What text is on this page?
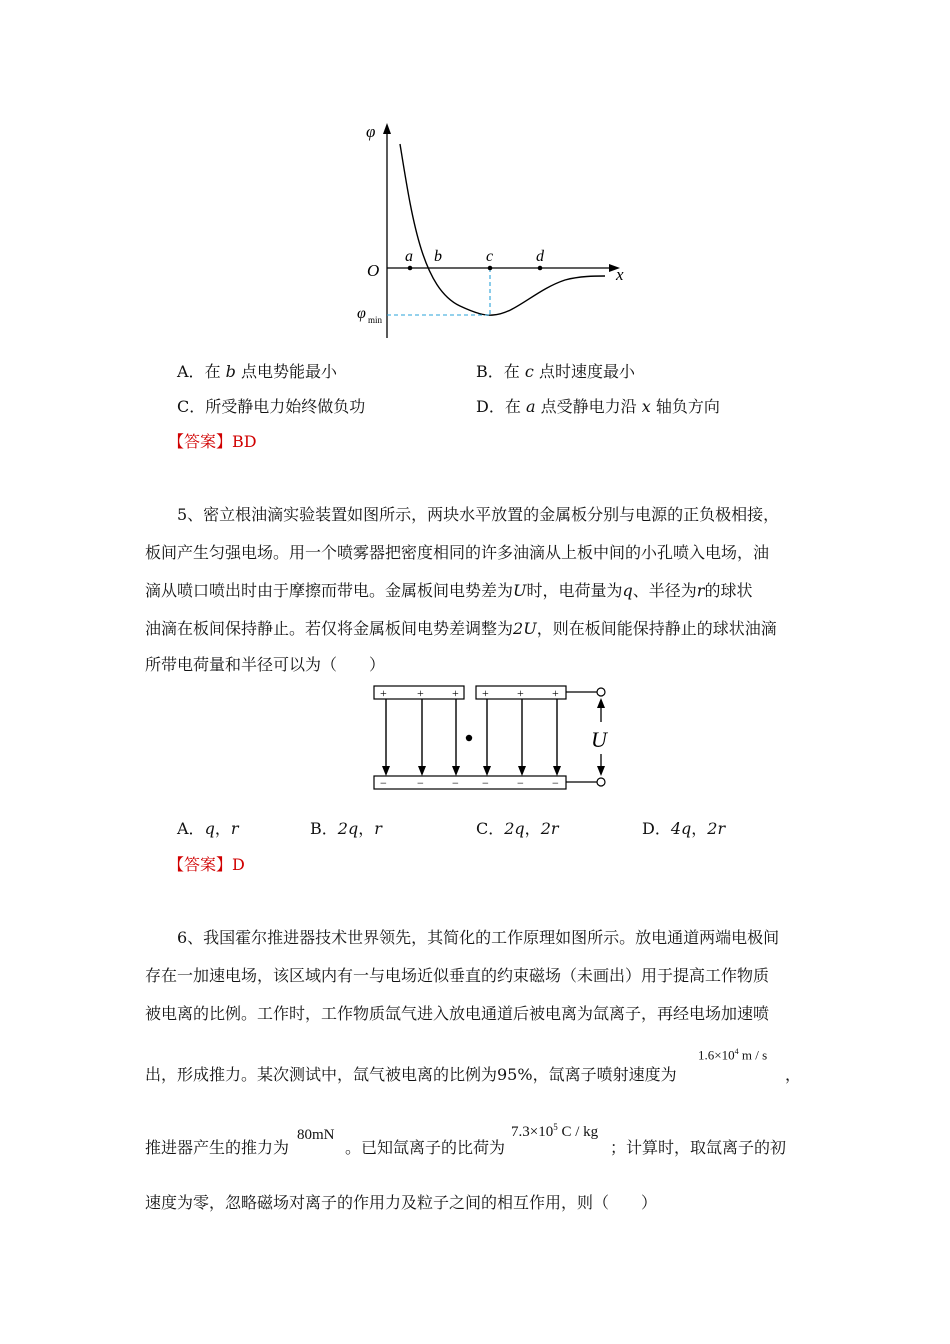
φ
x
O
a b	c	d
φ min
A．在 b 点电势能最小	B．在 c 点时速度最小
C．所受静电力始终做负功	D．在 a 点受静电力沿 x 轴负方向
【答案】BD
5、密立根油滴实验装置如图所示，两块水平放置的金属板分别与电源的正负极相接，
板间产生匀强电场。用一个喷雾器把密度相同的许多油滴从上板中间的小孔喷入电场，油
滴从喷口喷出时由于摩擦而带电。金属板间电势差为U时，电荷量为q、半径为r的球状
油滴在板间保持静止。若仅将金属板间电势差调整为2U，则在板间能保持静止的球状油滴
所带电荷量和半径可以为（　　）
+	+ + + + +
−	− − − − −
U
A．q，r	B．2q，r	C．2q，2r	D．4q，2r
【答案】D
6、我国霍尔推进器技术世界领先，其简化的工作原理如图所示。放电通道两端电极间
存在一加速电场，该区域内有一与电场近似垂直的约束磁场（未画出）用于提高工作物质
被电离的比例。工作时，工作物质氙气进入放电通道后被电离为氙离子，再经电场加速喷
出，形成推力。某次测试中，氙气被电离的比例为95%，氙离子喷射速度为
$1.6\times 10^4$ m / s
，
推进器产生的推力为
80mN
。已知氙离子的比荷为
$7.3\times 10^5$ C / kg
；计算时，取氙离子的初
速度为零，忽略磁场对离子的作用力及粒子之间的相互作用，则（　　）
